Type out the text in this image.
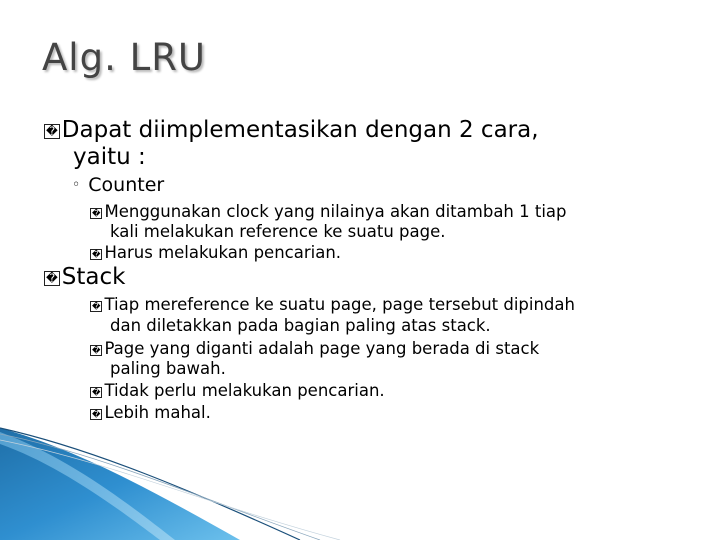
Alg. LRU
� Dapat diimplementasikan dengan 2 cara,
yaitu :
◦ Counter
� Menggunakan clock yang nilainya akan ditambah 1 tiap
kali melakukan reference ke suatu page.
� Harus melakukan pencarian.
� Stack
� Tiap mereference ke suatu page, page tersebut dipindah
dan diletakkan pada bagian paling atas stack.
� Page yang diganti adalah page yang berada di stack
paling bawah.
� Tidak perlu melakukan pencarian.
� Lebih mahal.
